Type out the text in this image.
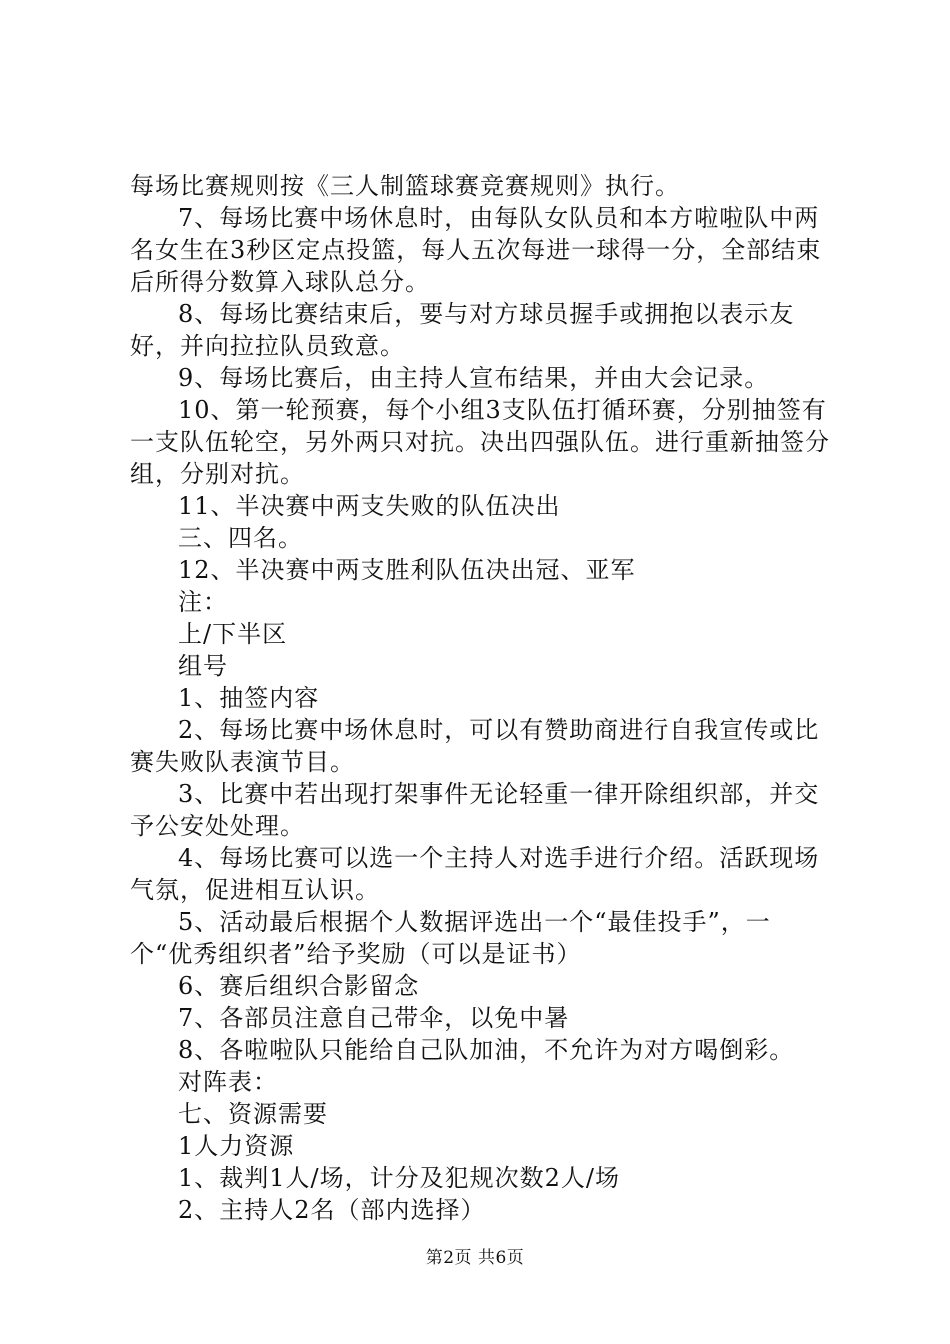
每场比赛规则按《三人制篮球赛竞赛规则》执行。

7、每场比赛中场休息时，由每队女队员和本方啦啦队中两名女生在3秒区定点投篮，每人五次每进一球得一分，全部结束后所得分数算入球队总分。

8、每场比赛结束后，要与对方球员握手或拥抱以表示友好，并向拉拉队员致意。

9、每场比赛后，由主持人宣布结果，并由大会记录。

10、第一轮预赛，每个小组3支队伍打循环赛，分别抽签有一支队伍轮空，另外两只对抗。决出四强队伍。进行重新抽签分组，分别对抗。

11、半决赛中两支失败的队伍决出

三、四名。

12、半决赛中两支胜利队伍决出冠、亚军

注：

上/下半区

组号

1、抽签内容

2、每场比赛中场休息时，可以有赞助商进行自我宣传或比赛失败队表演节目。

3、比赛中若出现打架事件无论轻重一律开除组织部，并交予公安处处理。

4、每场比赛可以选一个主持人对选手进行介绍。活跃现场气氛，促进相互认识。

5、活动最后根据个人数据评选出一个“最佳投手”，一个“优秀组织者”给予奖励（可以是证书）

6、赛后组织合影留念

7、各部员注意自己带伞，以免中暑

8、各啦啦队只能给自己队加油，不允许为对方喝倒彩。

对阵表：

七、资源需要

1人力资源

1、裁判1人/场，计分及犯规次数2人/场

2、主持人2名（部内选择）

第2页 共6页
